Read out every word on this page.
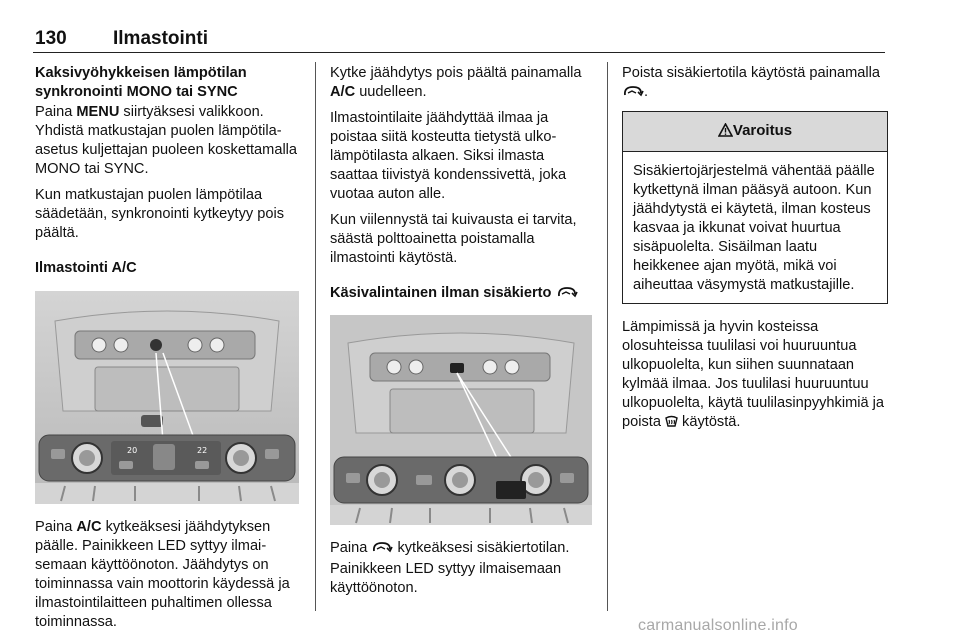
130 Ilmastointi
Kaksivyöhykkeisen lämpötilan synkronointi MONO tai SYNC

Paina MENU siirtyäksesi valikkoon. Yhdistä matkustajan puolen lämpötila-asetus kuljettajan puoleen koskettamalla MONO tai SYNC.

Kun matkustajan puolen lämpötilaa säädetään, synkronointi kytkeytyy pois päältä.

Ilmastointi A/C
20	22

Paina A/C kytkeäksesi jäähdytyksen päälle. Painikkeen LED syttyy ilmaisemaan käyttöönoton. Jäähdytys on toiminnassa vain moottorin käydessä ja ilmastointilaitteen puhaltimen ollessa toiminnassa.

Kytke jäähdytys pois päältä painamalla A/C uudelleen.

Ilmastointilaite jäähdyttää ilmaa ja poistaa siitä kosteutta tietystä ulkolämpötilasta alkaen. Siksi ilmasta saattaa tiivistyä kondenssivettä, joka vuotaa auton alle.

Kun viilennystä tai kuivausta ei tarvita, säästä polttoainetta poistamalla ilmastointi käytöstä.

Käsivalintainen ilman sisäkierto

Paina  kytkeäksesi sisäkiertotilan. Painikkeen LED syttyy ilmaisemaan käyttöönoton.

Poista sisäkiertotila käytöstä painamalla .

Varoitus
Sisäkiertojärjestelmä vähentää päälle kytkettynä ilman pääsyä autoon. Kun jäähdytystä ei käytetä, ilman kosteus kasvaa ja ikkunat voivat huurtua sisäpuolelta. Sisäilman laatu heikkenee ajan myötä, mikä voi aiheuttaa väsymystä matkustajille.

Lämpimissä ja hyvin kosteissa olosuhteissa tuulilasi voi huuruuntua ulkopuolelta, kun siihen suunnataan kylmää ilmaa. Jos tuulilasi huuruuntuu ulkopuolelta, käytä tuulilasinpyyhkimiä ja poista  käytöstä.

carmanualsonline.info
